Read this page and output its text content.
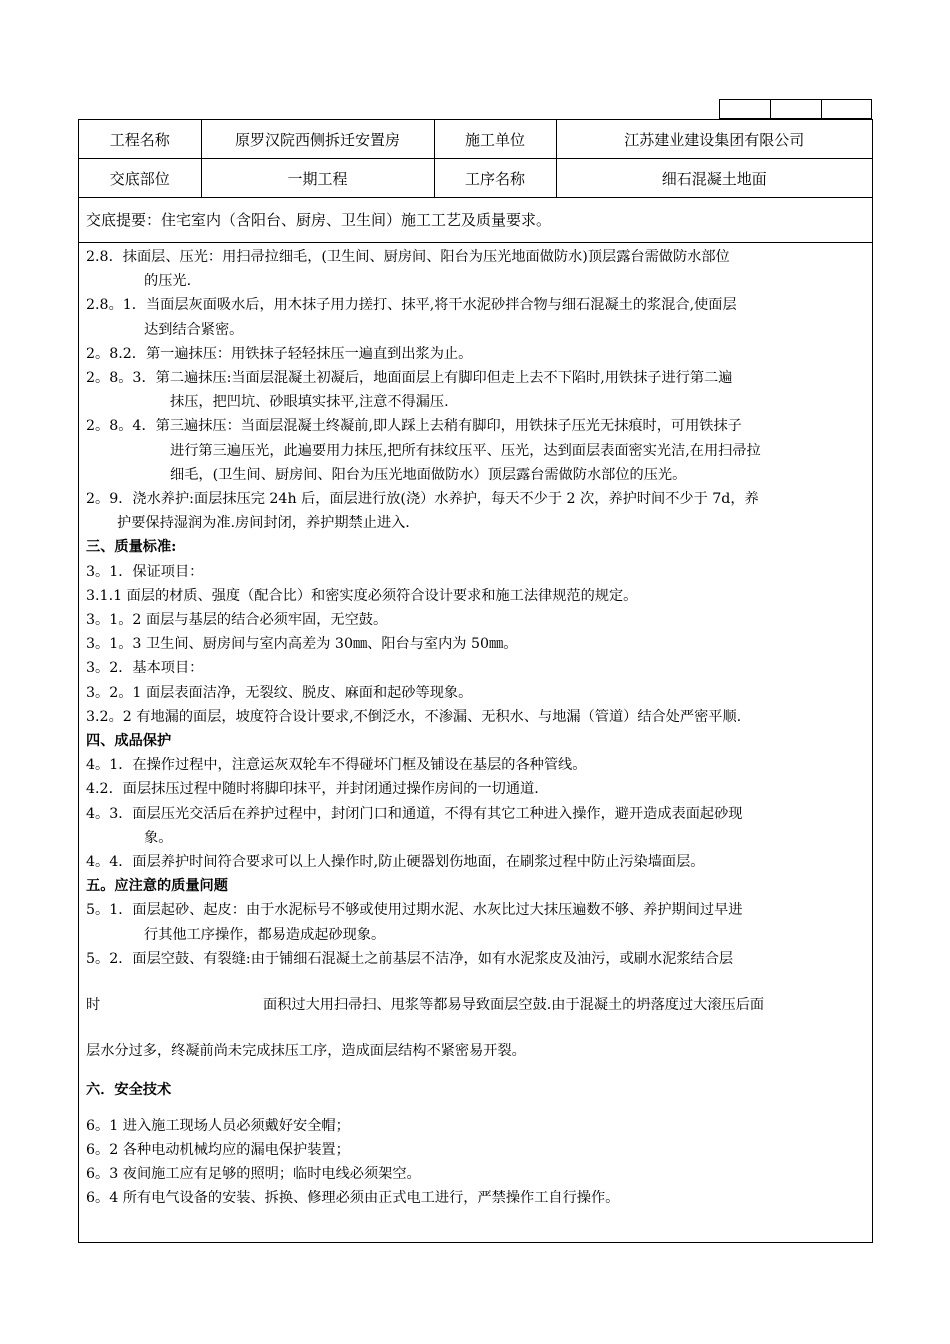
工程名称	原罗汉院西侧拆迁安置房	施工单位	江苏建业建设集团有限公司
交底部位	一期工程	工序名称	细石混凝土地面
交底提要：住宅室内（含阳台、厨房、卫生间）施工工艺及质量要求。

2.8．抹面层、压光：用扫帚拉细毛，(卫生间、厨房间、阳台为压光地面做防水)顶层露台需做防水部位

的压光.

2.8。1．当面层灰面吸水后，用木抹子用力搓打、抹平,将干水泥砂拌合物与细石混凝土的浆混合,使面层

达到结合紧密。

2。8.2．第一遍抹压：用铁抹子轻轻抹压一遍直到出浆为止。

2。8。3．第二遍抹压:当面层混凝土初凝后，地面面层上有脚印但走上去不下陷时,用铁抹子进行第二遍

抹压，把凹坑、砂眼填实抹平,注意不得漏压.

2。8。4．第三遍抹压：当面层混凝土终凝前,即人踩上去稍有脚印，用铁抹子压光无抹痕时，可用铁抹子

进行第三遍压光，此遍要用力抹压,把所有抹纹压平、压光，达到面层表面密实光洁,在用扫帚拉

细毛，(卫生间、厨房间、阳台为压光地面做防水）顶层露台需做防水部位的压光。

2。9．浇水养护:面层抹压完 24h 后，面层进行放(浇）水养护，每天不少于 2 次，养护时间不少于 7d，养

护要保持湿润为准.房间封闭，养护期禁止进入.

三、质量标准:

3。1．保证项目：

3.1.1 面层的材质、强度（配合比）和密实度必须符合设计要求和施工法律规范的规定。

3。1。2 面层与基层的结合必须牢固，无空鼓。

3。1。3 卫生间、厨房间与室内高差为 30㎜、阳台与室内为 50㎜。

3。2．基本项目：

3。2。1 面层表面洁净，无裂纹、脱皮、麻面和起砂等现象。

3.2。2 有地漏的面层，坡度符合设计要求,不倒泛水，不渗漏、无积水、与地漏（管道）结合处严密平顺.

四、成品保护

4。1．在操作过程中，注意运灰双轮车不得碰坏门框及铺设在基层的各种管线。

4.2．面层抹压过程中随时将脚印抹平，并封闭通过操作房间的一切通道.

4。3．面层压光交活后在养护过程中，封闭门口和通道，不得有其它工种进入操作，避开造成表面起砂现

象。

4。4．面层养护时间符合要求可以上人操作时,防止硬器划伤地面，在刷浆过程中防止污染墙面层。

五。应注意的质量问题

5。1．面层起砂、起皮：由于水泥标号不够或使用过期水泥、水灰比过大抹压遍数不够、养护期间过早进

行其他工序操作，都易造成起砂现象。

5。2．面层空鼓、有裂缝:由于铺细石混凝土之前基层不洁净，如有水泥浆皮及油污，或刷水泥浆结合层

时	面积过大用扫帚扫、甩浆等都易导致面层空鼓.由于混凝土的坍落度过大滚压后面

层水分过多，终凝前尚未完成抹压工序，造成面层结构不紧密易开裂。

六．安全技术

6。1 进入施工现场人员必须戴好安全帽；

6。2 各种电动机械均应的漏电保护装置；

6。3 夜间施工应有足够的照明；临时电线必须架空。

6。4 所有电气设备的安装、拆换、修理必须由正式电工进行，严禁操作工自行操作。
